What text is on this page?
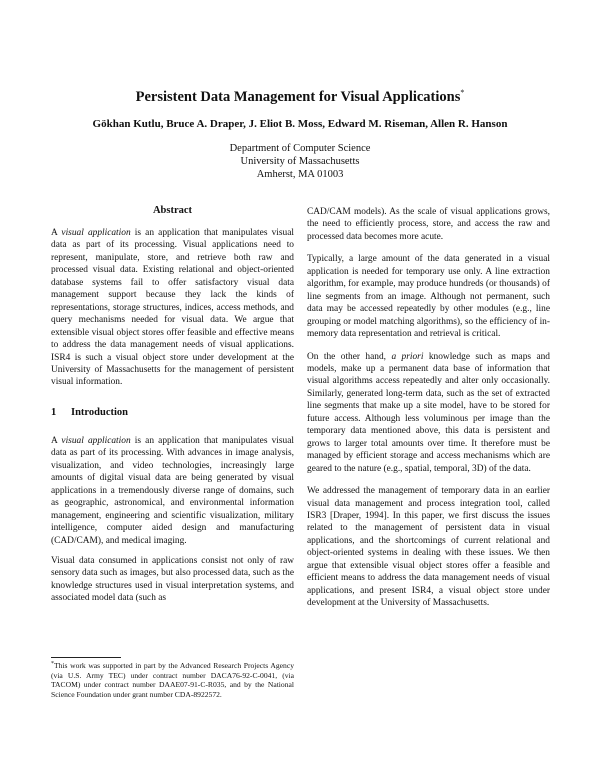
Persistent Data Management for Visual Applications*
Gökhan Kutlu, Bruce A. Draper, J. Eliot B. Moss, Edward M. Riseman, Allen R. Hanson
Department of Computer Science
University of Massachusetts
Amherst, MA 01003
Abstract

A visual application is an application that manipulates visual data as part of its processing. Visual applications need to represent, manipulate, store, and retrieve both raw and processed visual data. Existing relational and object-oriented database systems fail to offer satisfactory visual data management support because they lack the kinds of representations, storage structures, indices, access methods, and query mechanisms needed for visual data. We argue that extensible visual object stores offer feasible and effective means to address the data management needs of visual applications. ISR4 is such a visual object store under development at the University of Massachusetts for the management of persistent visual information.

1 Introduction

A visual application is an application that manipulates visual data as part of its processing. With advances in image analysis, visualization, and video technologies, increasingly large amounts of digital visual data are being generated by visual applications in a tremendously diverse range of domains, such as geographic, astronomical, and environmental information management, engineering and scientific visualization, military intelligence, computer aided design and manufacturing (CAD/CAM), and medical imaging.

Visual data consumed in applications consist not only of raw sensory data such as images, but also processed data, such as the knowledge structures used in visual interpretation systems, and associated model data (such as

*This work was supported in part by the Advanced Research Projects Agency (via U.S. Army TEC) under contract number DACA76-92-C-0041, (via TACOM) under contract number DAAE07-91-C-R035, and by the National Science Foundation under grant number CDA-8922572.

CAD/CAM models). As the scale of visual applications grows, the need to efficiently process, store, and access the raw and processed data becomes more acute.

Typically, a large amount of the data generated in a visual application is needed for temporary use only. A line extraction algorithm, for example, may produce hundreds (or thousands) of line segments from an image. Although not permanent, such data may be accessed repeatedly by other modules (e.g., line grouping or model matching algorithms), so the efficiency of in-memory data representation and retrieval is critical.

On the other hand, a priori knowledge such as maps and models, make up a permanent data base of information that visual algorithms access repeatedly and alter only occasionally. Similarly, generated long-term data, such as the set of extracted line segments that make up a site model, have to be stored for future access. Although less voluminous per image than the temporary data mentioned above, this data is persistent and grows to larger total amounts over time. It therefore must be managed by efficient storage and access mechanisms which are geared to the nature (e.g., spatial, temporal, 3D) of the data.

We addressed the management of temporary data in an earlier visual data management and process integration tool, called ISR3 [Draper, 1994]. In this paper, we first discuss the issues related to the management of persistent data in visual applications, and the shortcomings of current relational and object-oriented systems in dealing with these issues. We then argue that extensible visual object stores offer a feasible and efficient means to address the data management needs of visual applications, and present ISR4, a visual object store under development at the University of Massachusetts.
